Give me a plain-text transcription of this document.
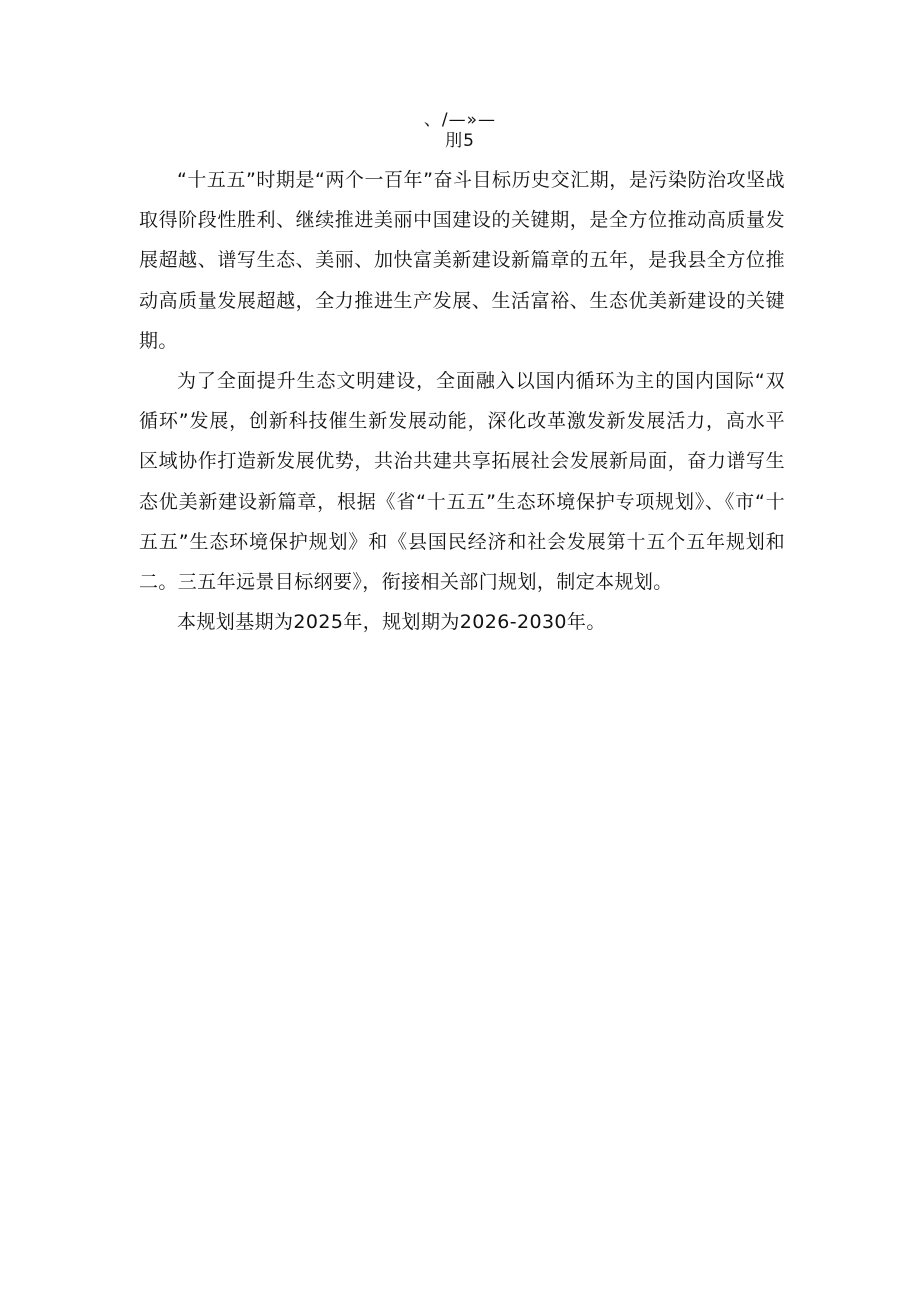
、/—»—
刖5

“十五五”时期是“两个一百年”奋斗目标历史交汇期，是污染防治攻坚战取得阶段性胜利、继续推进美丽中国建设的关键期，是全方位推动高质量发展超越、谱写生态、美丽、加快富美新建设新篇章的五年，是我县全方位推动高质量发展超越，全力推进生产发展、生活富裕、生态优美新建设的关键期。

为了全面提升生态文明建设，全面融入以国内循环为主的国内国际“双循环”发展，创新科技催生新发展动能，深化改革激发新发展活力，高水平区域协作打造新发展优势，共治共建共享拓展社会发展新局面，奋力谱写生态优美新建设新篇章，根据《省“十五五”生态环境保护专项规划》、《市“十五五”生态环境保护规划》和《县国民经济和社会发展第十五个五年规划和二。三五年远景目标纲要》，衔接相关部门规划，制定本规划。

本规划基期为2025年，规划期为2026-2030年。
